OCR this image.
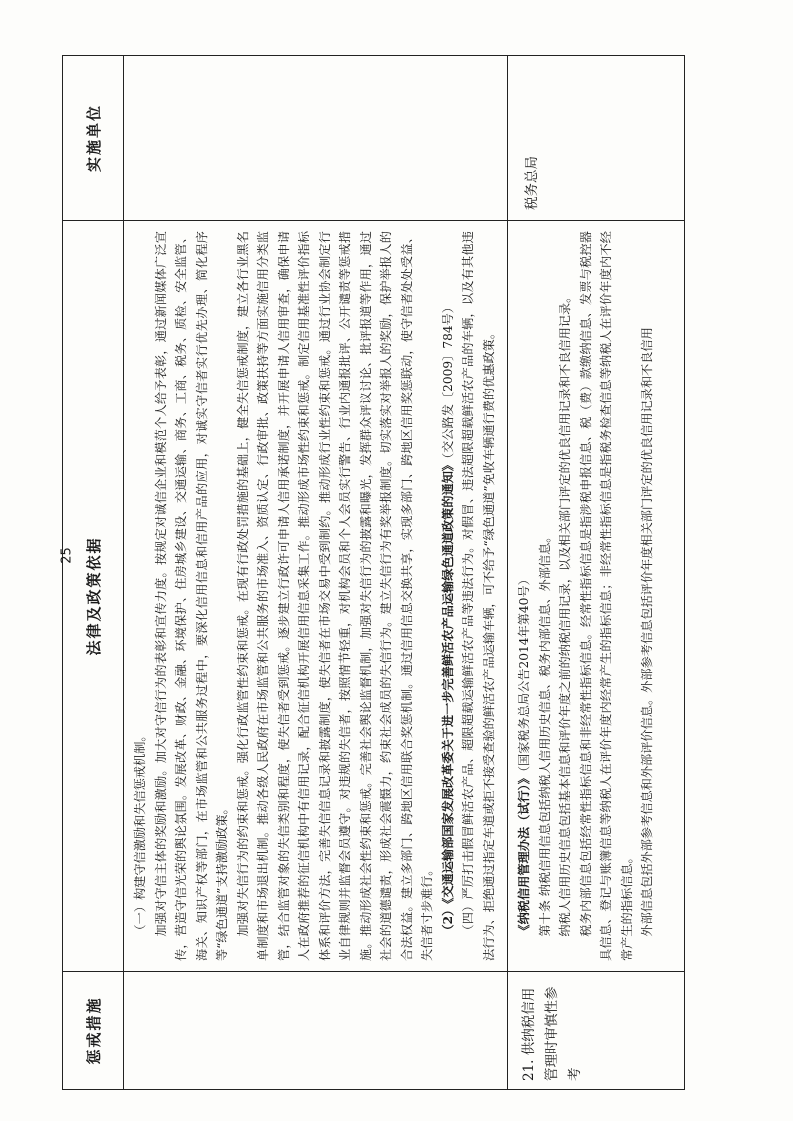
惩戒措施	法律及政策依据	实施单位

	（一）构建守信激励和失信惩戒机制。 加强对守信主体的奖励和激励。加大对守信行为的表彰和宣传力度。按规定对诚信企业和模范个人给予表彰，通过新闻媒体广泛宣传，营造守信光荣的舆论氛围。发展改革、财政、金融、环境保护、住房城乡建设、交通运输、商务、工商、税务、质检、安全监管、海关、知识产权等部门，在市场监管和公共服务过程中，要深化信用信息和信用产品的应用，对诚实守信者实行优先办理、简化程序等“绿色通道”支持激励政策。 加强对失信行为的约束和惩戒。强化行政监管性约束和惩戒。在现有行政处罚措施的基础上，健全失信惩戒制度，建立各行业黑名单制度和市场退出机制。推动各级人民政府在市场监管和公共服务的市场准入、资质认定、行政审批、政策扶持等方面实施信用分类监管，结合监管对象的失信类别和程度，使失信者受到惩戒。逐步建立行政许可申请人信用承诺制度，并开展申请人信用审查，确保申请人在政府推荐的征信机构中有信用记录，配合征信机构开展信用信息采集工作。推动形成市场性约束和惩戒。制定信用基准性评价指标体系和评价方法，完善失信信息记录和披露制度，使失信者在市场交易中受到制约。推动形成行业性约束和惩戒。通过行业协会制定行业自律规则并监督会员遵守。对违规的失信者，按照情节轻重，对机构会员和个人会员实行警告、行业内通报批评、公开谴责等惩戒措施。推动形成社会性约束和惩戒。完善社会舆论监督机制，加强对失信行为的披露和曝光，发挥群众评议讨论、批评报道等作用，通过社会的道德谴责，形成社会震慑力，约束社会成员的失信行为。建立失信行为有奖举报制度。切实落实对举报人的奖励，保护举报人的合法权益。建立多部门、跨地区信用联合奖惩机制。通过信用信息交换共享，实现多部门、跨地区信用奖惩联动，使守信者处处受益、失信者寸步难行。 （2）《交通运输部国家发展改革委关于进一步完善鲜活农产品运输绿色通道政策的通知》（交公路发〔2009〕784号） （四）严厉打击假冒鲜活农产品、超限超载运输鲜活农产品等违法行为。对假冒、违法超限超载鲜活农产品的车辆，以及有其他违法行为、拒绝通过指定车道或拒不接受查验的鲜活农产品运输车辆，可不给予“绿色通道”免收车辆通行费的优惠政策。	

21. 供纳税信用管理时审慎性参考	《纳税信用管理办法（试行）》（国家税务总局公告2014年第40号） 第十条 纳税信用信息包括纳税人信用历史信息、税务内部信息、外部信息。 纳税人信用历史信息包括基本信息和评价年度之前的纳税信用记录，以及相关部门评定的优良信用记录和不良信用记录。 税务内部信息包括经常性指标信息和非经常性指标信息。经常性指标信息是指涉税申报信息、税（费）款缴纳信息、发票与税控器具信息、登记与账簿信息等纳税人在评价年度内经常产生的指标信息；非经常性指标信息是指税务检查信息等纳税人在评价年度内不经常产生的指标信息。 外部信息包括外部参考信息和外部评价信息。外部参考信息包括评价年度相关部门评定的优良信用记录和不良信用	税务总局
25
